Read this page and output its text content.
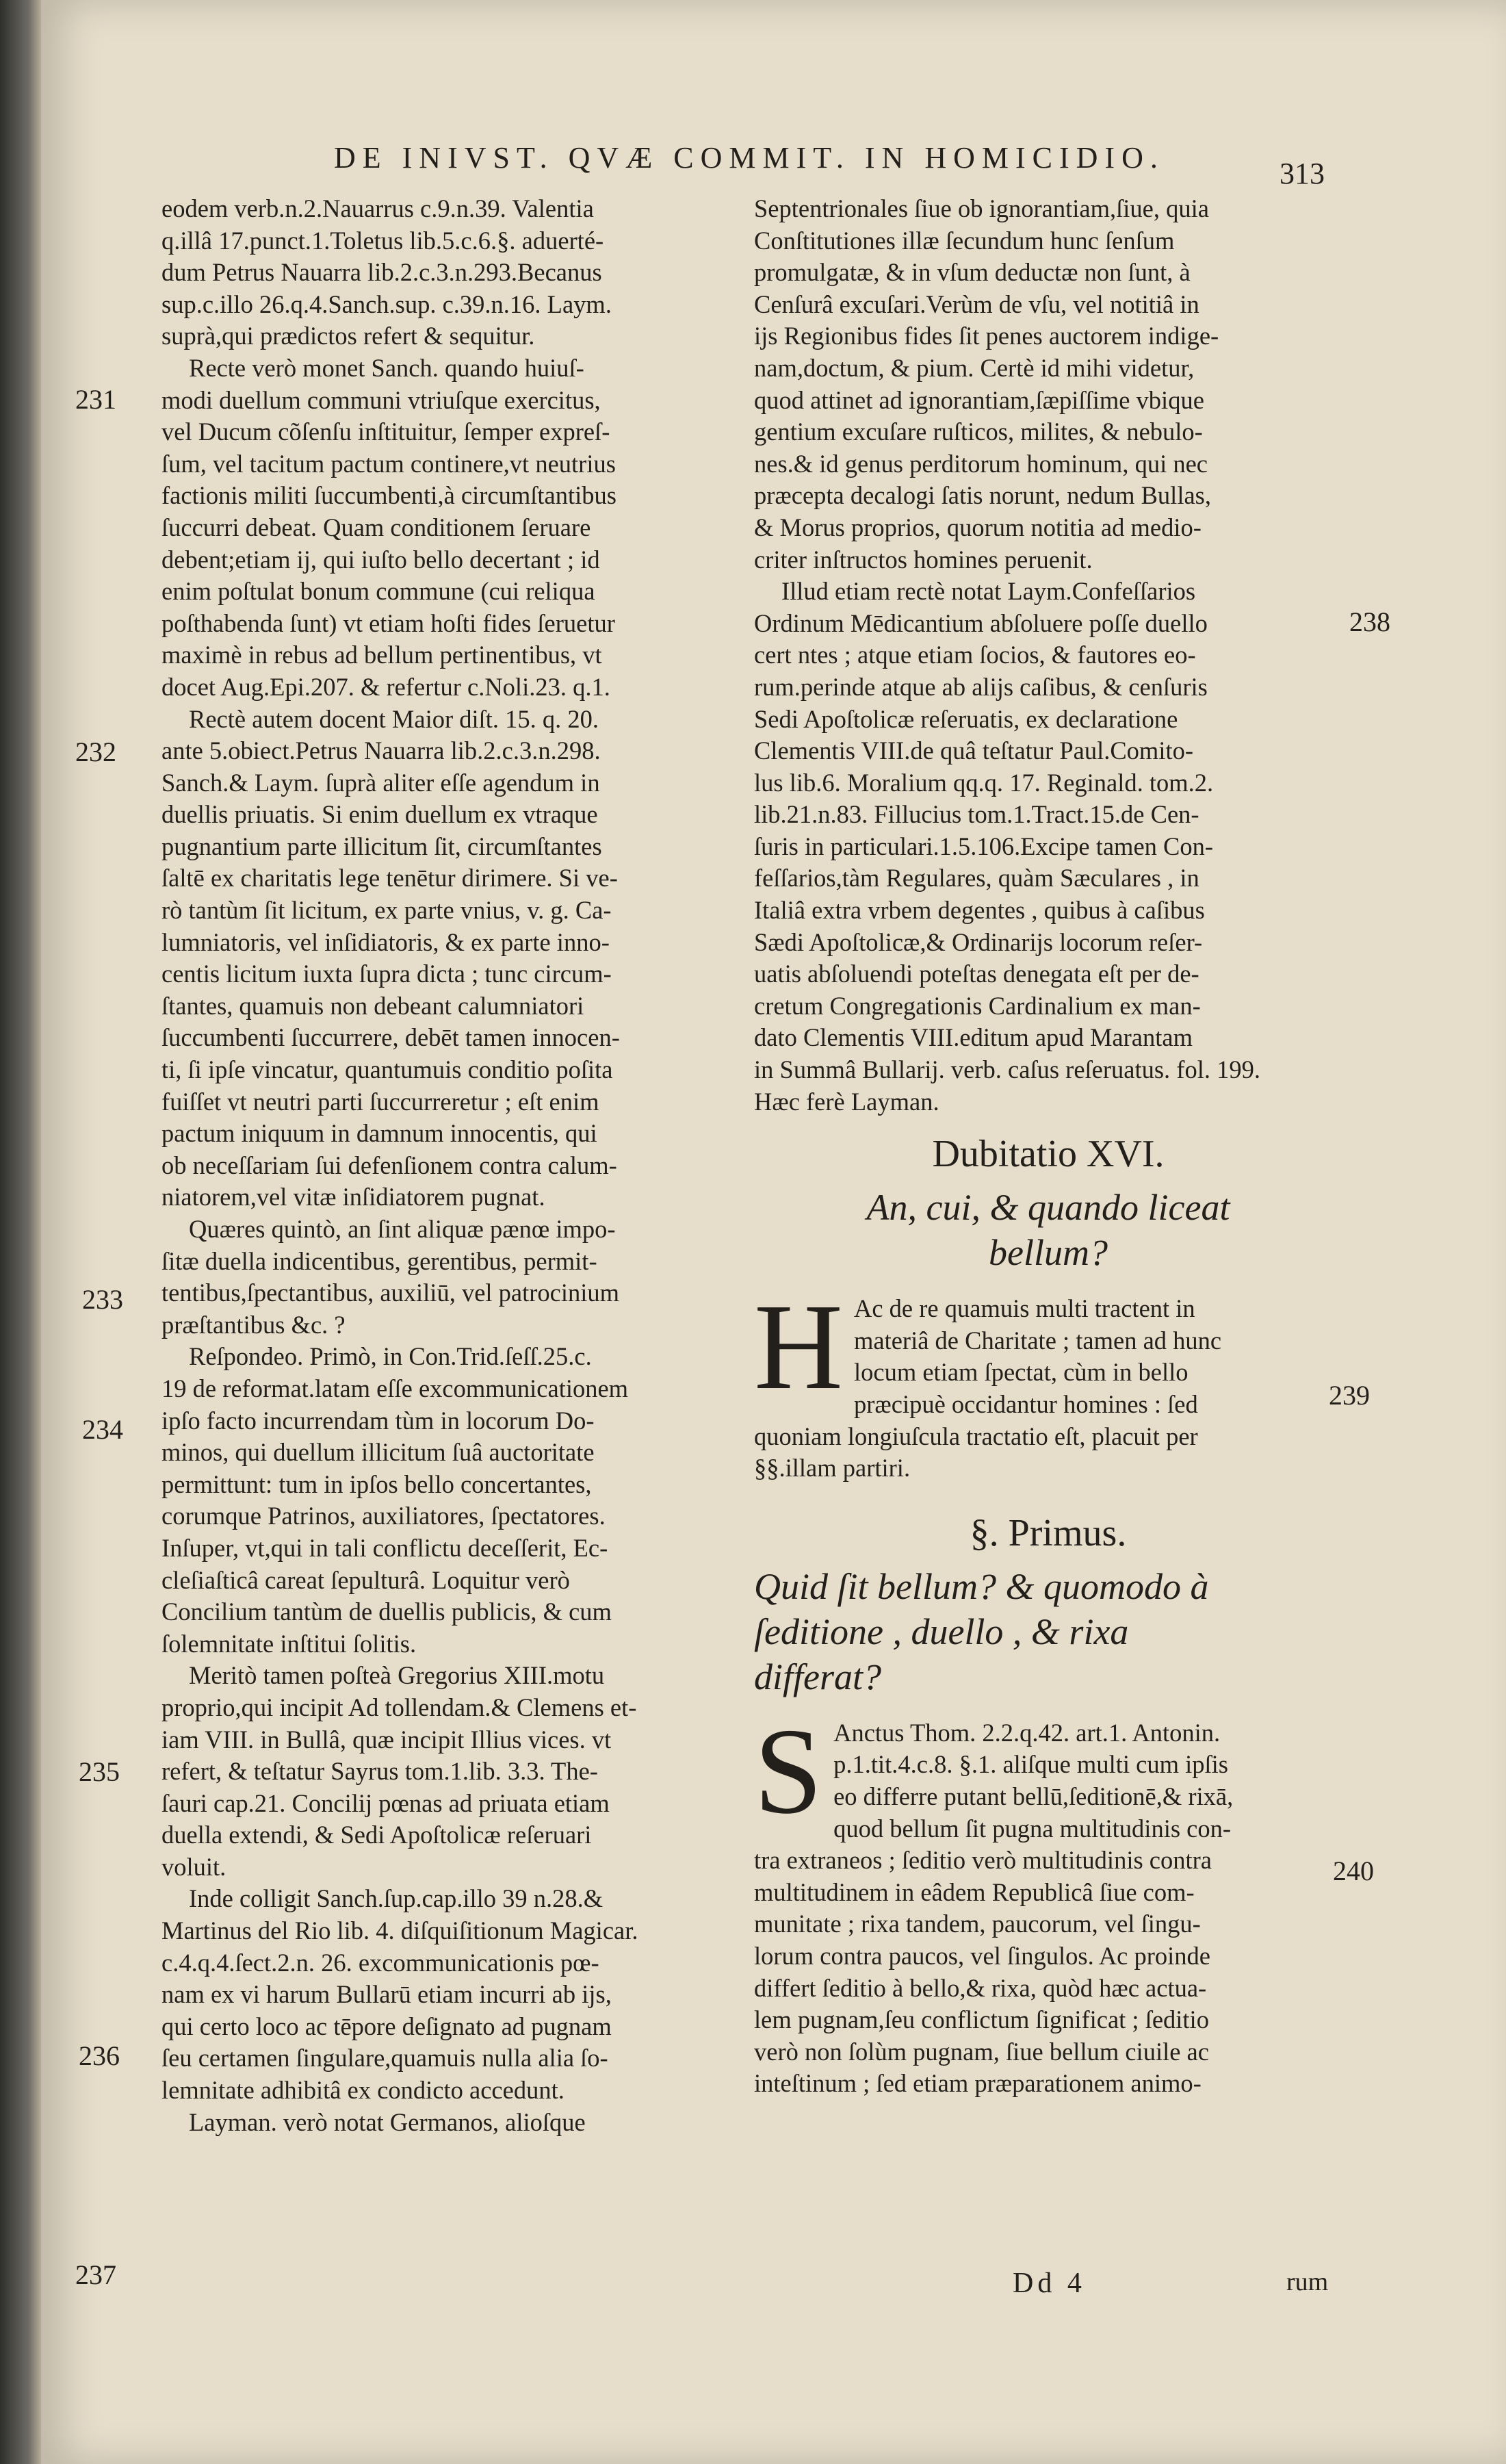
DE INIVST. QVÆ COMMIT. IN HOMICIDIO.	313
231
232
233
234
235
236
237
238
239
240

eodem verb.n.2.Nauarrus c.9.n.39. Valentia
q.illâ 17.punct.1.Toletus lib.5.c.6.§. aduerté-
dum Petrus Nauarra lib.2.c.3.n.293.Becanus
sup.c.illo 26.q.4.Sanch.sup. c.39.n.16. Laym.
suprà,qui prædictos refert & sequitur.

Recte verò monet Sanch. quando huiuſ-
modi duellum communi vtriuſque exercitus,
vel Ducum cõſenſu inſtituitur, ſemper expreſ-
ſum, vel tacitum pactum continere,vt neutrius
factionis militi ſuccumbenti,à circumſtantibus
ſuccurri debeat. Quam conditionem ſeruare
debent;etiam ij, qui iuſto bello decertant ; id
enim poſtulat bonum commune (cui reliqua
poſthabenda ſunt) vt etiam hoſti fides ſeruetur
maximè in rebus ad bellum pertinentibus, vt
docet Aug.Epi.207. & refertur c.Noli.23. q.1.

Rectè autem docent Maior diſt. 15. q. 20.
ante 5.obiect.Petrus Nauarra lib.2.c.3.n.298.
Sanch.& Laym. ſuprà aliter eſſe agendum in
duellis priuatis. Si enim duellum ex vtraque
pugnantium parte illicitum ſit, circumſtantes
ſaltē ex charitatis lege tenētur dirimere. Si ve-
rò tantùm ſit licitum, ex parte vnius, v. g. Ca-
lumniatoris, vel inſidiatoris, & ex parte inno-
centis licitum iuxta ſupra dicta ; tunc circum-
ſtantes, quamuis non debeant calumniatori
ſuccumbenti ſuccurrere, debēt tamen innocen-
ti, ſi ipſe vincatur, quantumuis conditio poſita
fuiſſet vt neutri parti ſuccurreretur ; eſt enim
pactum iniquum in damnum innocentis, qui
ob neceſſariam ſui defenſionem contra calum-
niatorem,vel vitæ inſidiatorem pugnat.

Quæres quintò, an ſint aliquæ pænœ impo-
ſitæ duella indicentibus, gerentibus, permit-
tentibus,ſpectantibus, auxiliū, vel patrocinium
præſtantibus &c. ?

Reſpondeo. Primò, in Con.Trid.ſeſſ.25.c.
19 de reformat.latam eſſe excommunicationem
ipſo facto incurrendam tùm in locorum Do-
minos, qui duellum illicitum ſuâ auctoritate
permittunt: tum in ipſos bello concertantes,
corumque Patrinos, auxiliatores, ſpectatores.
Inſuper, vt,qui in tali conflictu deceſſerit, Ec-
cleſiaſticâ careat ſepulturâ. Loquitur verò
Concilium tantùm de duellis publicis, & cum
ſolemnitate inſtitui ſolitis.

Meritò tamen poſteà Gregorius XIII.motu
proprio,qui incipit Ad tollendam.& Clemens et-
iam VIII. in Bullâ, quæ incipit Illius vices. vt
refert, & teſtatur Sayrus tom.1.lib. 3.3. The-
ſauri cap.21. Concilij pœnas ad priuata etiam
duella extendi, & Sedi Apoſtolicæ reſeruari
voluit.

Inde colligit Sanch.ſup.cap.illo 39 n.28.&
Martinus del Rio lib. 4. diſquiſitionum Magicar.
c.4.q.4.ſect.2.n. 26. excommunicationis pœ-
nam ex vi harum Bullarū etiam incurri ab ijs,
qui certo loco ac tēpore deſignato ad pugnam
ſeu certamen ſingulare,quamuis nulla alia ſo-
lemnitate adhibitâ ex condicto accedunt.

Layman. verò notat Germanos, alioſque

Septentrionales ſiue ob ignorantiam,ſiue, quia
Conſtitutiones illæ ſecundum hunc ſenſum
promulgatæ, & in vſum deductæ non ſunt, à
Cenſurâ excuſari.Verùm de vſu, vel notitiâ in
ijs Regionibus fides ſit penes auctorem indige-
nam,doctum, & pium. Certè id mihi videtur,
quod attinet ad ignorantiam,ſæpiſſime vbique
gentium excuſare ruſticos, milites, & nebulo-
nes.& id genus perditorum hominum, qui nec
præcepta decalogi ſatis norunt, nedum Bullas,
& Morus proprios, quorum notitia ad medio-
criter inſtructos homines peruenit.

Illud etiam rectè notat Laym.Confeſſarios
Ordinum Mēdicantium abſoluere poſſe duello
cert ntes ; atque etiam ſocios, & fautores eo-
rum.perinde atque ab alijs caſibus, & cenſuris
Sedi Apoſtolicæ reſeruatis, ex declaratione
Clementis VIII.de quâ teſtatur Paul.Comito-
lus lib.6. Moralium qq.q. 17. Reginald. tom.2.
lib.21.n.83. Fillucius tom.1.Tract.15.de Cen-
ſuris in particulari.1.5.106.Excipe tamen Con-
feſſarios,tàm Regulares, quàm Sæculares , in
Italiâ extra vrbem degentes , quibus à caſibus
Sædi Apoſtolicæ,& Ordinarijs locorum reſer-
uatis abſoluendi poteſtas denegata eſt per de-
cretum Congregationis Cardinalium ex man-
dato Clementis VIII.editum apud Marantam
in Summâ Bullarij. verb. caſus reſeruatus. fol. 199.
Hæc ferè Layman.

Dubitatio XVI.
An, cui, & quando liceat
bellum?

H Ac de re quamuis multi tractent in
materiâ de Charitate ; tamen ad hunc
locum etiam ſpectat, cùm in bello
præcipuè occidantur homines : ſed
quoniam longiuſcula tractatio eſt, placuit per
§§.illam partiri.

§. Primus.
Quid ſit bellum? & quomodo à
ſeditione , duello , & rixa
differat?

S Anctus Thom. 2.2.q.42. art.1. Antonin.
p.1.tit.4.c.8. §.1. aliſque multi cum ipſis
eo differre putant bellū,ſeditionē,& rixā,
quod bellum ſit pugna multitudinis con-
tra extraneos ; ſeditio verò multitudinis contra
multitudinem in eâdem Republicâ ſiue com-
munitate ; rixa tandem, paucorum, vel ſingu-
lorum contra paucos, vel ſingulos. Ac proinde
differt ſeditio à bello,& rixa, quòd hæc actua-
lem pugnam,ſeu conflictum ſignificat ; ſeditio
verò non ſolùm pugnam, ſiue bellum ciuile ac
inteſtinum ; ſed etiam præparationem animo-

Dd 4	rum
